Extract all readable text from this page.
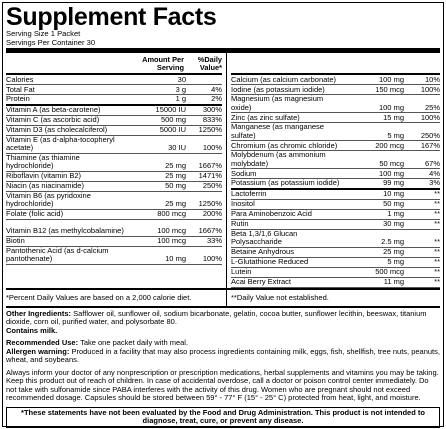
Supplement Facts
Serving Size 1 Packet
Servings Per Container 30
Amount Per Serving
%Daily Value*
Calories	30
Total Fat	3 g	4%
Protein	1 g	2%
Vitamin A (as beta-carotene)	15000 IU	300%
Vitamin C (as ascorbic acid)	500 mg	833%
Vitamin D3 (as cholecalciferol)	5000 IU	1250%
Vitamin E (as d-alpha-tocopheryl acetate)	30 IU	100%
Thiamine (as thiamine hydrochloride)	25 mg	1667%
Riboflavin (vitamin B2)	25 mg	1471%
Niacin (as niacinamide)	50 mg	250%
Vitamin B6 (as pyridoxine hydrochloride)	25 mg	1250%
Folate (folic acid)	800 mcg	200%
Vitamin B12 (as methylcobalamine)	100 mcg	1667%
Biotin	100 mcg	33%
Pantothenic Acid (as d-calcium pantothenate)	10 mg	100%
Calcium (as calcium carbonate)	100 mg	10%
Iodine (as potassium iodide)	150 mcg	100%
Magnesium (as magnesium oxide)	100 mg	25%
Zinc (as zinc sulfate)	15 mg	100%
Manganese (as manganese sulfate)	5 mg	250%
Chromium (as chromic chloride)	200 mcg	167%
Molybdenum (as ammonium molybdate)	50 mcg	67%
Sodium	100 mg	4%
Potassium (as potassium iodide)	99 mg	3%
Lactoferrin	10 mg	**
Inositol	50 mg	**
Para Aminobenzoic Acid	1 mg	**
Rutin	30 mg	**
Beta 1,3/1,6 Glucan Polysaccharide	2.5 mg	**
Betaine Anhydrous	25 mg	**
L-Glutathione Reduced	5 mg	**
Lutein	500 mcg	**
Acai Berry Extract	11 mg	**
*Percent Daily Values are based on a 2,000 calorie diet.	**Daily Value not established.

Other Ingredients: Safflower oil, sunflower oil, sodium bicarbonate, gelatin, cocoa butter, sunflower lecithin, beeswax, titanium dioxide, corn oil, purified water, and polysorbate 80.
Contains milk.

Recommended Use: Take one packet daily with meal.
Allergen warning: Produced in a facility that may also process ingredients containing milk, eggs, fish, shellfish, tree nuts, peanuts, wheat, and soybeans.

Always inform your doctor of any nonprescription or prescription medications, herbal supplements and vitamins you may be taking. Keep this product out of reach of children. In case of accidental overdose, call a doctor or poison control center immediately. Do not take with sulfonamide since PABA interferes with the activity of this drug. Women who are pregnant should not exceed recommended dosage. Capsules should be stored between 59° - 77° F (15° - 25° C) protected from heat, light, and moisture.

*These statements have not been evaluated by the Food and Drug Administration. This product is not intended to diagnose, treat, cure, or prevent any disease.
